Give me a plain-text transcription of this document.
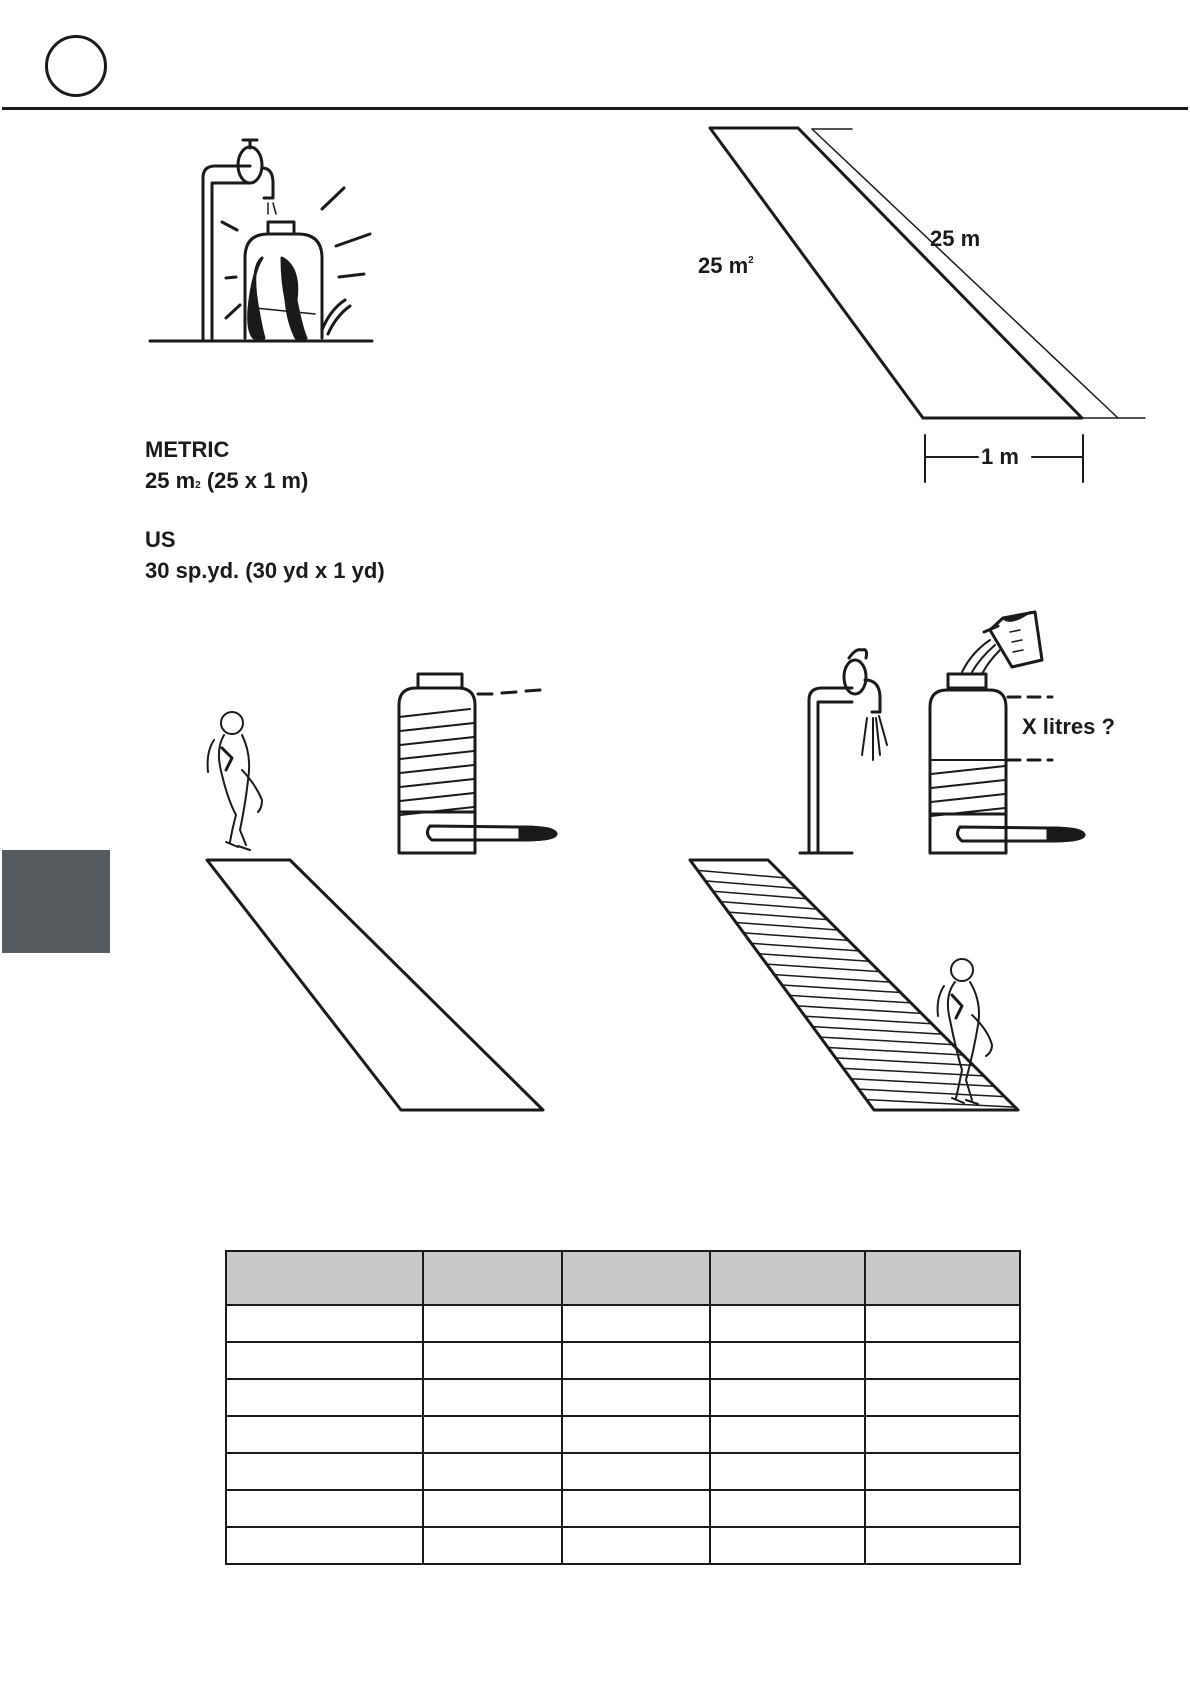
25 $m^2$
25 m
1 m
X litres ?
METRIC
25 m2 (25 x 1 m)
US
30 sp.yd. (30 yd x 1 yd)
